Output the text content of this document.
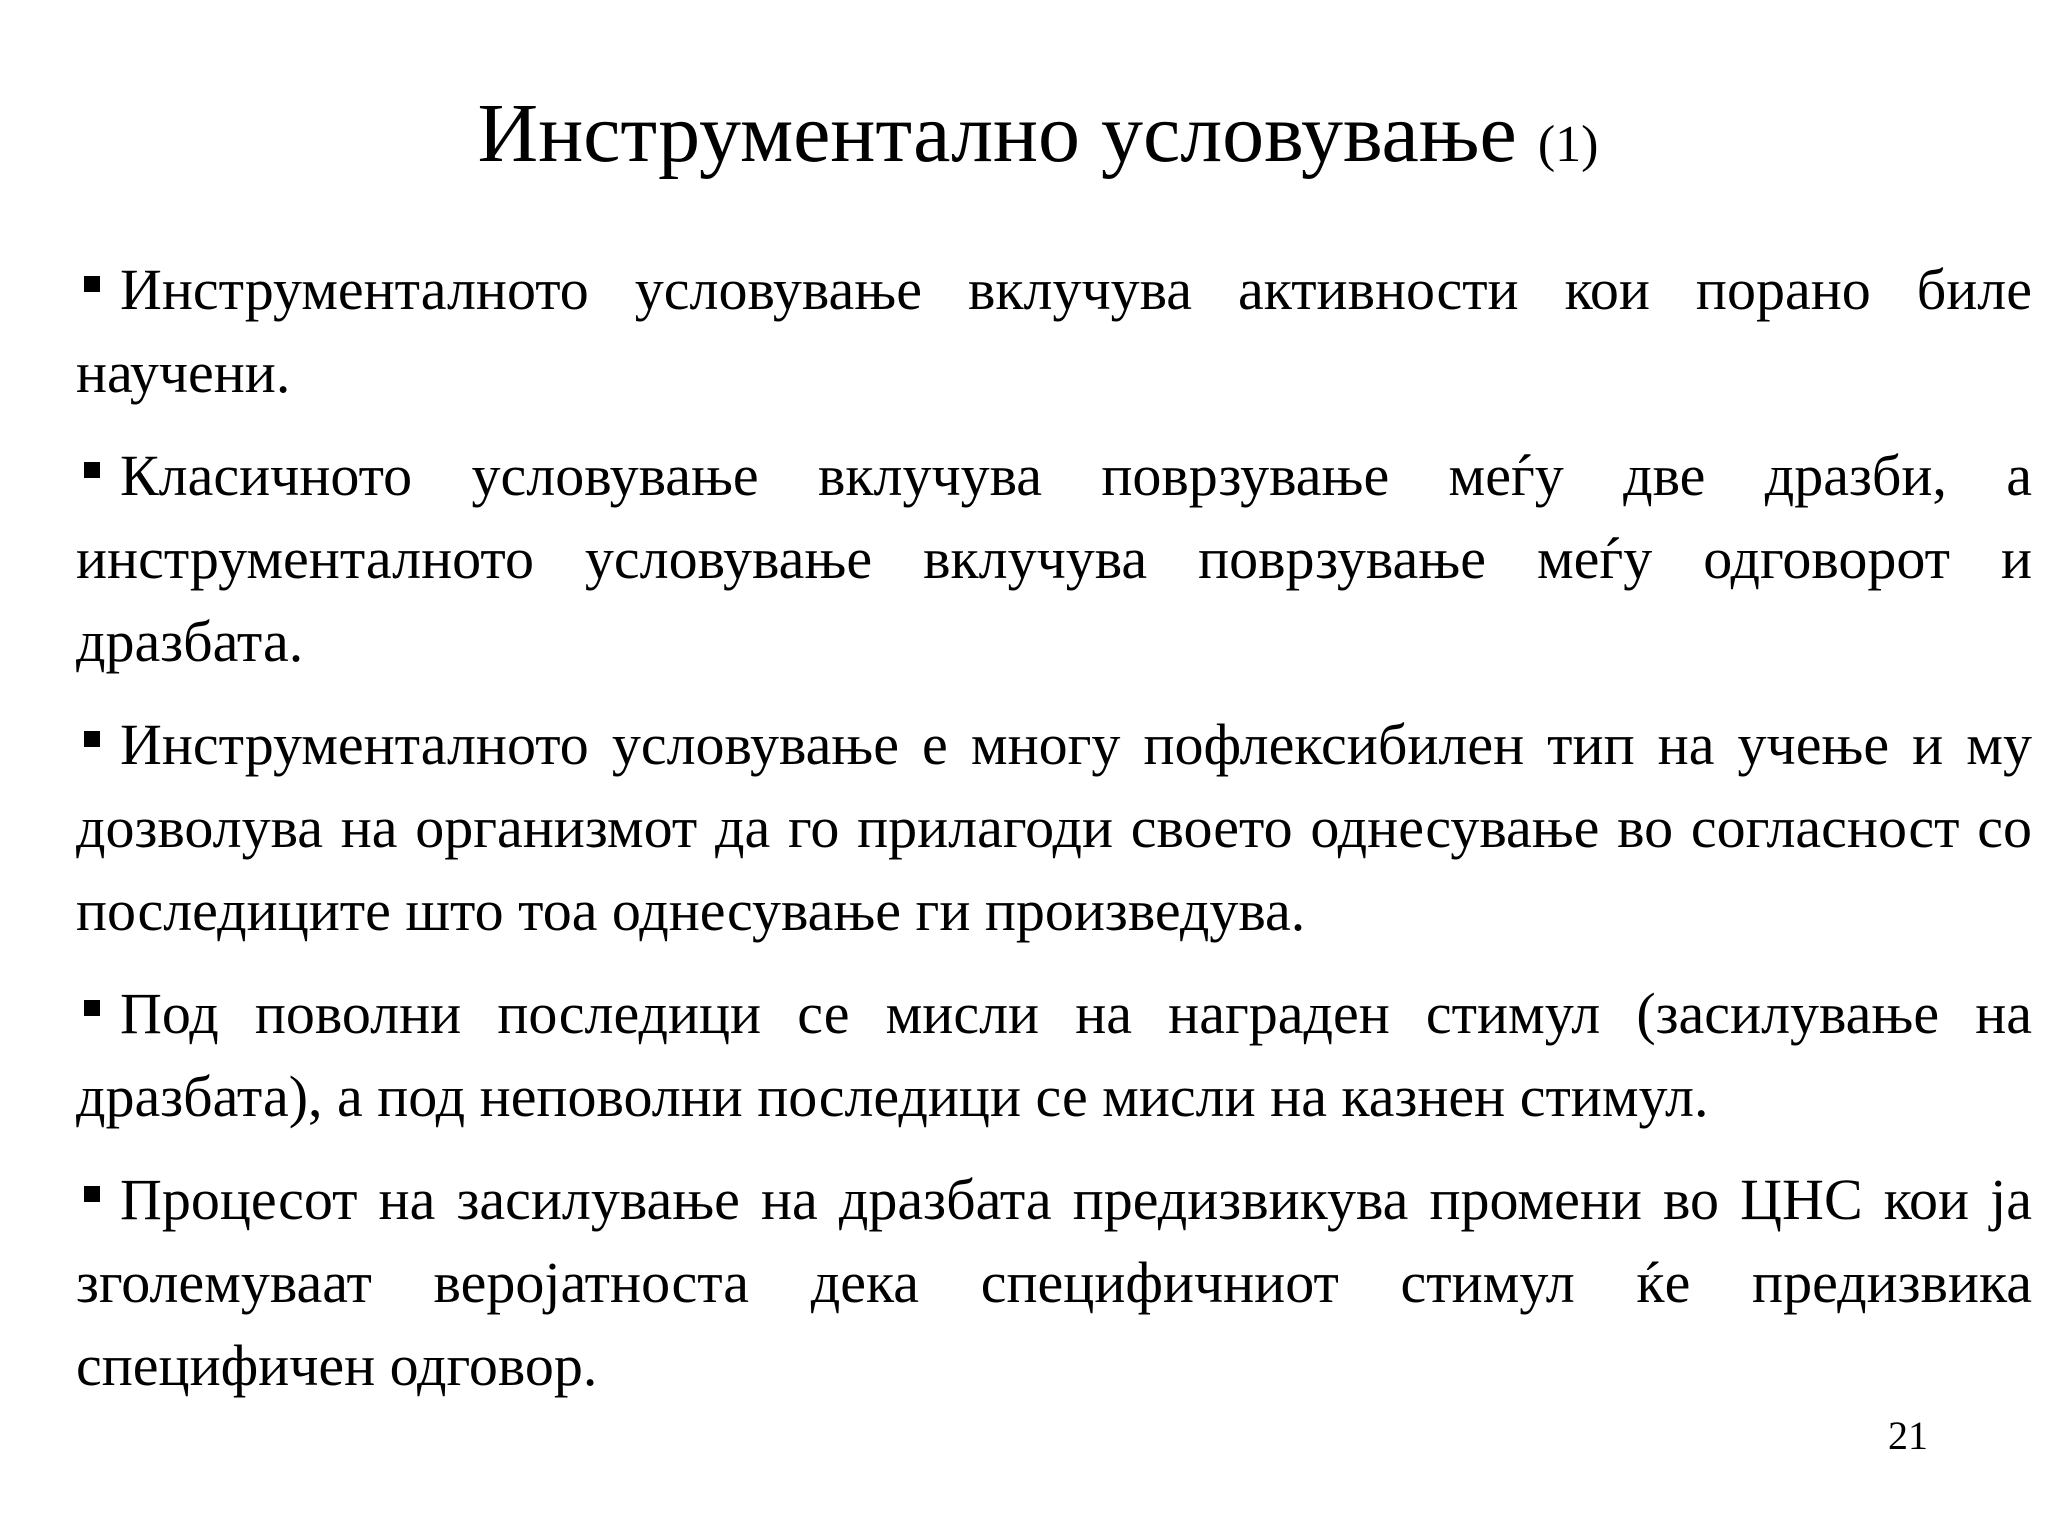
Инструментално условување (1)

Инструменталното условување вклучува активности кои порано биле научени.

Класичното условување вклучува поврзување меѓу две дразби, а инструменталното условување вклучува поврзување меѓу одговорот и дразбата.

Инструменталното условување е многу пофлексибилен тип на учење и му дозволува на организмот да го прилагоди своето однесување во согласност со последиците што тоа однесување ги произведува.

Под поволни последици се мисли на награден стимул (засилување на дразбата), а под неповолни последици се мисли на казнен стимул.

Процесот на засилување на дразбата предизвикува промени во ЦНС кои ја зголемуваат веројатноста дека специфичниот стимул ќе предизвика специфичен одговор.

21
